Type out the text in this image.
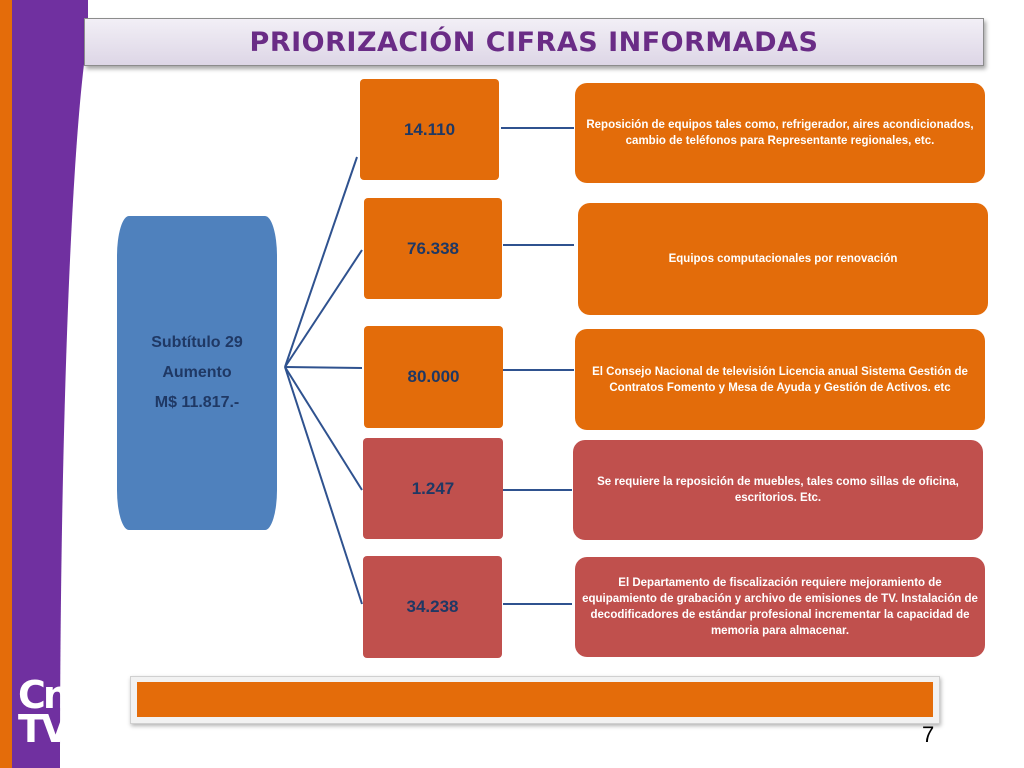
Cn
TV
PRIORIZACIÓN CIFRAS INFORMADAS
Subtítulo 29
Aumento
M$ 11.817.-
14.110
76.338
80.000
1.247
34.238
Reposición de equipos tales como, refrigerador, aires acondicionados, cambio de teléfonos para Representante regionales, etc.
Equipos computacionales por renovación
El Consejo Nacional de televisión Licencia anual Sistema Gestión de Contratos Fomento y Mesa de Ayuda y Gestión de Activos. etc
Se requiere la reposición de muebles, tales como sillas de oficina, escritorios. Etc.
El Departamento de fiscalización requiere mejoramiento de equipamiento de grabación y archivo de emisiones de TV. Instalación de decodificadores de estándar profesional incrementar la capacidad de memoria para almacenar.
7
